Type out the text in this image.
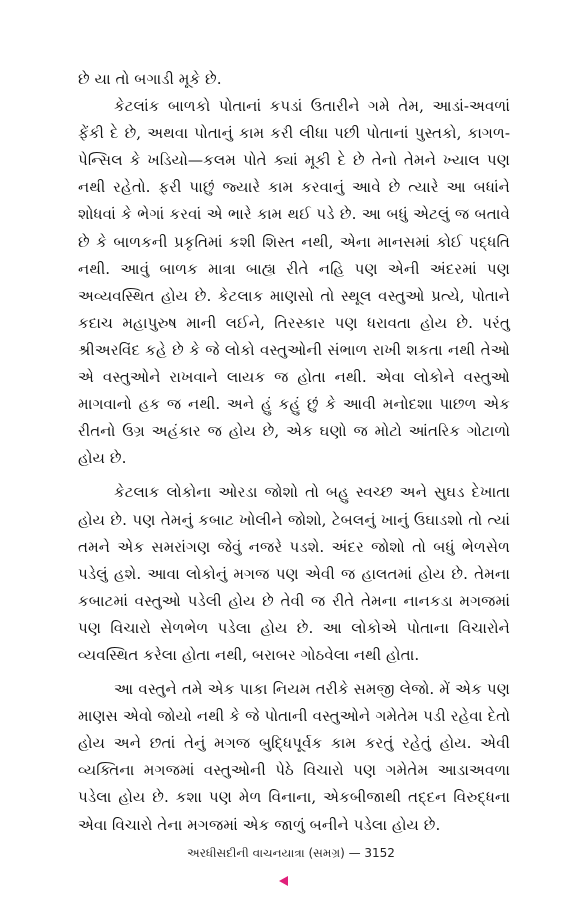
છે યા તો બગાડી મૂકે છે.

કેટલાંક બાળકો પોતાનાં કપડાં ઉતારીને ગમે તેમ, આડાં-અવળાં ફેંકી દે છે, અથવા પોતાનું કામ કરી લીધા પછી પોતાનાં પુસ્તકો, કાગળ-પેન્સિલ કે ખડિયો—કલમ પોતે ક્યાં મૂકી દે છે તેનો તેમને ખ્યાલ પણ નથી રહેતો. ફરી પાછું જ્યારે કામ કરવાનું આવે છે ત્યારે આ બધાંને શોધવાં કે ભેગાં કરવાં એ ભારે કામ થઈ પડે છે. આ બધું એટલું જ બતાવે છે કે બાળકની પ્રકૃતિમાં કશી શિસ્ત નથી, એના માનસમાં કોઈ પદ્ધતિ નથી. આવું બાળક માત્રા બાહ્ય રીતે નહિ પણ એની અંદરમાં પણ અવ્યવસ્થિત હોય છે. કેટલાક માણસો તો સ્થૂલ વસ્તુઓ પ્રત્યે, પોતાને કદાચ મહાપુરુષ માની લઈને, તિરસ્કાર પણ ધરાવતા હોય છે. પરંતુ શ્રીઅરવિંદ કહે છે કે જે લોકો વસ્તુઓની સંભાળ રાખી શકતા નથી તેઓ એ વસ્તુઓને રાખવાને લાયક જ હોતા નથી. એવા લોકોને વસ્તુઓ માગવાનો હક જ નથી. અને હું કહું છું કે આવી મનોદશા પાછળ એક રીતનો ઉગ્ર અહંકાર જ હોય છે, એક ઘણો જ મોટો આંતરિક ગોટાળો હોય છે.

કેટલાક લોકોના ઓરડા જોશો તો બહુ સ્વચ્છ અને સુઘડ દેખાતા હોય છે. પણ તેમનું કબાટ ખોલીને જોશો, ટેબલનું ખાનું ઉઘાડશો તો ત્યાં તમને એક સમરાંગણ જેવું નજરે પડશે. અંદર જોશો તો બધું ભેળસેળ પડેલું હશે. આવા લોકોનું મગજ પણ એવી જ હાલતમાં હોય છે. તેમના કબાટમાં વસ્તુઓ પડેલી હોય છે તેવી જ રીતે તેમના નાનકડા મગજમાં પણ વિચારો સેળભેળ પડેલા હોય છે. આ લોકોએ પોતાના વિચારોને વ્યવસ્થિત કરેલા હોતા નથી, બરાબર ગોઠવેલા નથી હોતા.

આ વસ્તુને તમે એક પાકા નિયમ તરીકે સમજી લેજો. મેં એક પણ માણસ એવો જોયો નથી કે જે પોતાની વસ્તુઓને ગમેતેમ પડી રહેવા દેતો હોય અને છતાં તેનું મગજ બુદ્ધિપૂર્વક કામ કરતું રહેતું હોય. એવી વ્યક્તિના મગજમાં વસ્તુઓની પેઠે વિચારો પણ ગમેતેમ આડાઅવળા પડેલા હોય છે. કશા પણ મેળ વિનાના, એકબીજાથી તદ્દન વિરુદ્ધના એવા વિચારો તેના મગજમાં એક જાળું બનીને પડેલા હોય છે.

અરધીસદીની વાચનયાત્રા (સમગ્ર) — 3152
